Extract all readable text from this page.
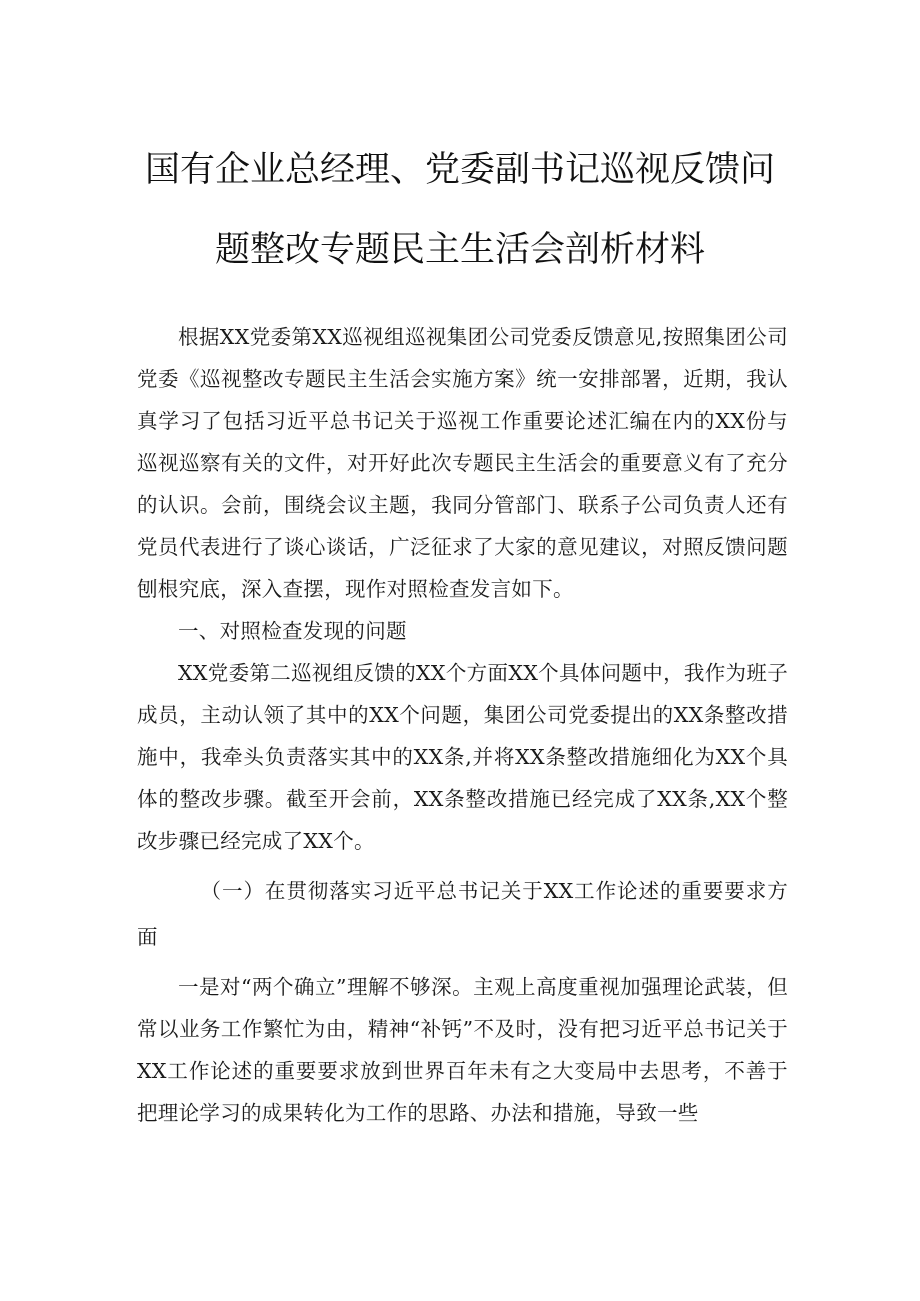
国有企业总经理、党委副书记巡视反馈问
题整改专题民主生活会剖析材料

根据XX党委第XX巡视组巡视集团公司党委反馈意见,按照集团公司党委《巡视整改专题民主生活会实施方案》统一安排部署，近期，我认真学习了包括习近平总书记关于巡视工作重要论述汇编在内的XX份与巡视巡察有关的文件，对开好此次专题民主生活会的重要意义有了充分的认识。会前，围绕会议主题，我同分管部门、联系子公司负责人还有党员代表进行了谈心谈话，广泛征求了大家的意见建议，对照反馈问题刨根究底，深入查摆，现作对照检查发言如下。

一、对照检查发现的问题

XX党委第二巡视组反馈的XX个方面XX个具体问题中，我作为班子成员，主动认领了其中的XX个问题，集团公司党委提出的XX条整改措施中，我牵头负责落实其中的XX条,并将XX条整改措施细化为XX个具体的整改步骤。截至开会前，XX条整改措施已经完成了XX条,XX个整改步骤已经完成了XX个。

（一）在贯彻落实习近平总书记关于XX工作论述的重要要求方面

一是对“两个确立”理解不够深。主观上高度重视加强理论武装，但常以业务工作繁忙为由，精神“补钙”不及时，没有把习近平总书记关于XX工作论述的重要要求放到世界百年未有之大变局中去思考，不善于把理论学习的成果转化为工作的思路、办法和措施，导致一些
